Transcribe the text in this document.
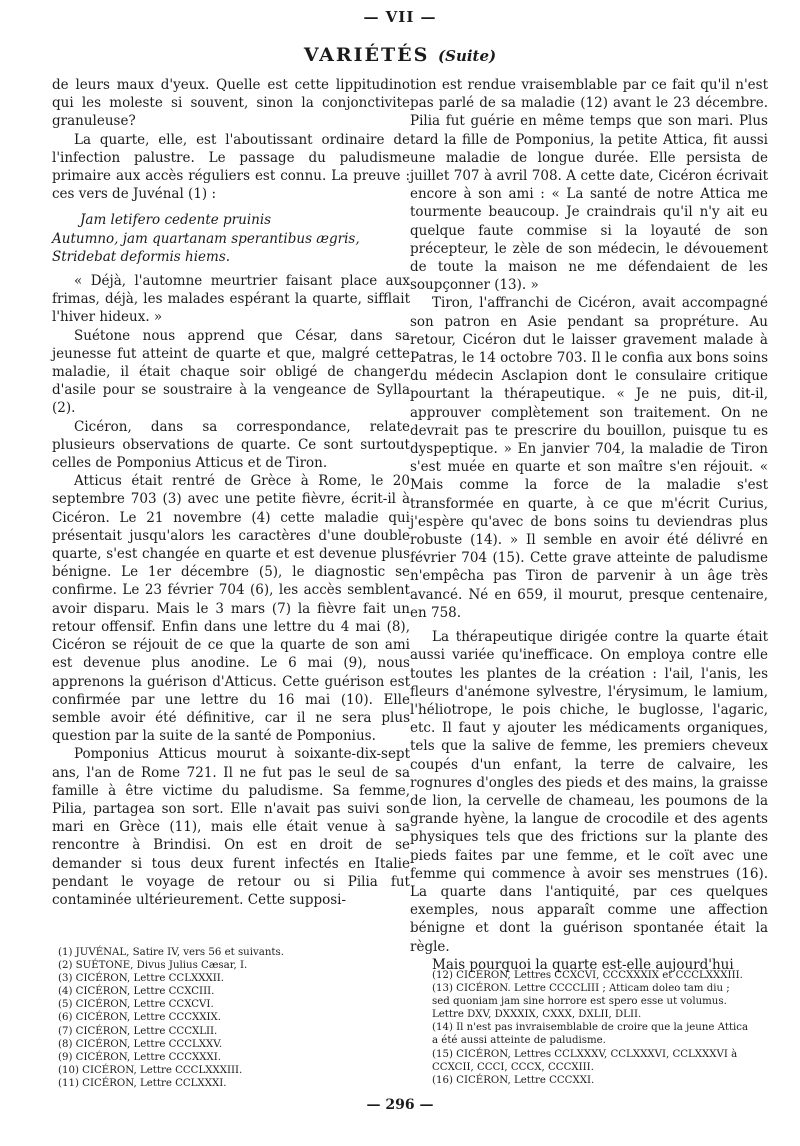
— VII —
VARIÉTÉS (Suite)

de leurs maux d'yeux. Quelle est cette lippitudino qui les moleste si souvent, sinon la conjonctivite granuleuse?

La quarte, elle, est l'aboutissant ordinaire de l'infection palustre. Le passage du paludisme primaire aux accès réguliers est connu. La preuve : ces vers de Juvénal (1) :

Jam letifero cedente pruinis
Autumno, jam quartanam sperantibus ægris,
Stridebat deformis hiems.

« Déjà, l'automne meurtrier faisant place aux frimas, déjà, les malades espérant la quarte, sifflait l'hiver hideux. »

Suétone nous apprend que César, dans sa jeunesse fut atteint de quarte et que, malgré cette maladie, il était chaque soir obligé de changer d'asile pour se soustraire à la vengeance de Sylla (2).

Cicéron, dans sa correspondance, relate plusieurs observations de quarte. Ce sont surtout celles de Pomponius Atticus et de Tiron.

Atticus était rentré de Grèce à Rome, le 20 septembre 703 (3) avec une petite fièvre, écrit-il à Cicéron. Le 21 novembre (4) cette maladie qui présentait jusqu'alors les caractères d'une double quarte, s'est changée en quarte et est devenue plus bénigne. Le 1er décembre (5), le diagnostic se confirme. Le 23 février 704 (6), les accès semblent avoir disparu. Mais le 3 mars (7) la fièvre fait un retour offensif. Enfin dans une lettre du 4 mai (8), Cicéron se réjouit de ce que la quarte de son ami est devenue plus anodine. Le 6 mai (9), nous apprenons la guérison d'Atticus. Cette guérison est confirmée par une lettre du 16 mai (10). Elle semble avoir été définitive, car il ne sera plus question par la suite de la santé de Pomponius.

Pomponius Atticus mourut à soixante-dix-sept ans, l'an de Rome 721. Il ne fut pas le seul de sa famille à être victime du paludisme. Sa femme, Pilia, partagea son sort. Elle n'avait pas suivi son mari en Grèce (11), mais elle était venue à sa rencontre à Brindisi. On est en droit de se demander si tous deux furent infectés en Italie pendant le voyage de retour ou si Pilia fut contaminée ultérieurement. Cette supposi-

tion est rendue vraisemblable par ce fait qu'il n'est pas parlé de sa maladie (12) avant le 23 décembre. Pilia fut guérie en même temps que son mari. Plus tard la fille de Pomponius, la petite Attica, fit aussi une maladie de longue durée. Elle persista de juillet 707 à avril 708. A cette date, Cicéron écrivait encore à son ami : « La santé de notre Attica me tourmente beaucoup. Je craindrais qu'il n'y ait eu quelque faute commise si la loyauté de son précepteur, le zèle de son médecin, le dévouement de toute la maison ne me défendaient de les soupçonner (13). »

Tiron, l'affranchi de Cicéron, avait accompagné son patron en Asie pendant sa propréture. Au retour, Cicéron dut le laisser gravement malade à Patras, le 14 octobre 703. Il le confia aux bons soins du médecin Asclapion dont le consulaire critique pourtant la thérapeutique. « Je ne puis, dit-il, approuver complètement son traitement. On ne devrait pas te prescrire du bouillon, puisque tu es dyspeptique. » En janvier 704, la maladie de Tiron s'est muée en quarte et son maître s'en réjouit. « Mais comme la force de la maladie s'est transformée en quarte, à ce que m'écrit Curius, j'espère qu'avec de bons soins tu deviendras plus robuste (14). » Il semble en avoir été délivré en février 704 (15). Cette grave atteinte de paludisme n'empêcha pas Tiron de parvenir à un âge très avancé. Né en 659, il mourut, presque centenaire, en 758.

La thérapeutique dirigée contre la quarte était aussi variée qu'inefficace. On employa contre elle toutes les plantes de la création : l'ail, l'anis, les fleurs d'anémone sylvestre, l'érysimum, le lamium, l'héliotrope, le pois chiche, le buglosse, l'agaric, etc. Il faut y ajouter les médicaments organiques, tels que la salive de femme, les premiers cheveux coupés d'un enfant, la terre de calvaire, les rognures d'ongles des pieds et des mains, la graisse de lion, la cervelle de chameau, les poumons de la grande hyène, la langue de crocodile et des agents physiques tels que des frictions sur la plante des pieds faites par une femme, et le coït avec une femme qui commence à avoir ses menstrues (16). La quarte dans l'antiquité, par ces quelques exemples, nous apparaît comme une affection bénigne et dont la guérison spontanée était la règle.

Mais pourquoi la quarte est-elle aujourd'hui

(1) JUVÉNAL, Satire IV, vers 56 et suivants.
(2) SUÉTONE, Divus Julius Cæsar, I.
(3) CICÉRON, Lettre CCLXXXII.
(4) CICÉRON, Lettre CCXCIII.
(5) CICÉRON, Lettre CCXCVI.
(6) CICÉRON, Lettre CCCXXIX.
(7) CICÉRON, Lettre CCCXLII.
(8) CICÉRON, Lettre CCCLXXV.
(9) CICÉRON, Lettre CCCXXXI.
(10) CICÉRON, Lettre CCCLXXXIII.
(11) CICÉRON, Lettre CCLXXXI.
(12) CICÉRON, Lettres CCXCVI, CCCXXXIX et CCCLXXXIII.
(13) CICÉRON. Lettre CCCCLIII ; Atticam doleo tam diu ; sed quoniam jam sine horrore est spero esse ut volumus. Lettre DXV, DXXXIX, CXXX, DXLII, DLII.
(14) Il n'est pas invraisemblable de croire que la jeune Attica a été aussi atteinte de paludisme.
(15) CICÉRON, Lettres CCLXXXV, CCLXXXVI, CCLXXXVI à CCXCII, CCCI, CCCX, CCCXIII.
(16) CICÉRON, Lettre CCCXXI.
— 296 —
